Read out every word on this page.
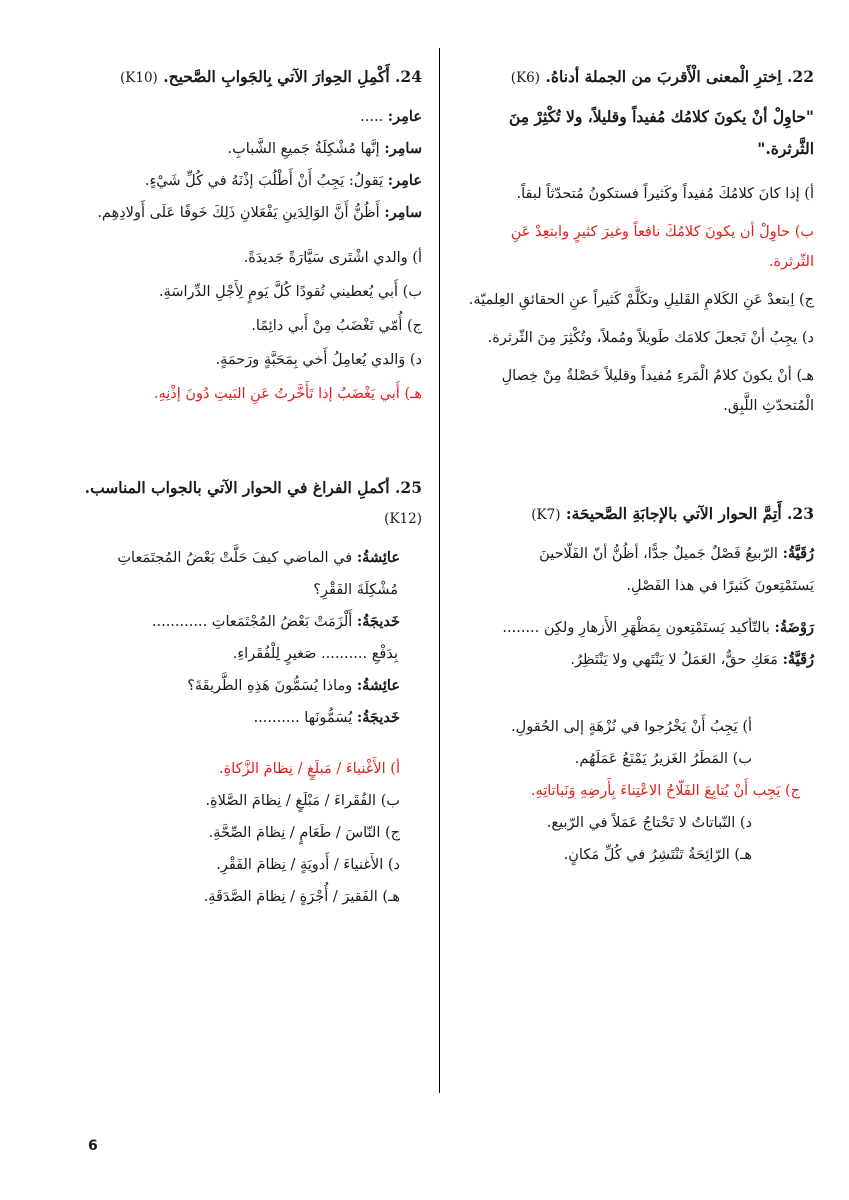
22. اِخترِ الْمعنى الْأَقربَ من الجملة أدناهُ. (K6)
"حاوِلْ أنْ يكونَ كلامُك مُفيداً وقليلاً، ولا تُكْثِرْ مِنَ الثَّرثرة."
أ) إذا كانَ كلامُكَ مُفيداً وكَثيراً فستكونُ مُتحدّثاً لبقاً.
ب) حاوِلْ أن يكونَ كلامُكَ نافعاً وغيرَ كثيرٍ وابتعِدْ عَنِ الثّرثرة.
ج) اِبتعدْ عَنِ الكَلامِ القَليلِ وتكَلَّمْ كَثيراً عنِ الحقائقِ العِلميّة.
د) يجِبُ أنْ تَجعلَ كلامَك طَويلاً ومُملاً، وتُكْثِرَ مِنَ الثّرثرة.
هـ) أنْ يكونَ كلامُ الْمَرءِ مُفيداً وقليلاً خَصْلةٌ مِنْ خِصالِ الْمُتحدّثِ اللَّبِق.
23. أَتِمَّ الحوار الآتي بالإجابَةِ الصَّحيحَة: (K7)
رُقَيَّةُ: الرّبيعُ فَصْلٌ جَميلٌ جدًّا، أظُنُّ أنّ الفَلّاحينَ
يَستَمْتِعونَ كَثيرًا في هذا الفَصْلِ.
رَوْضَةُ: بالتّأكيد يَستَمْتِعون بِمَظْهَرِ الأَزهارِ ولكِن ........
رُقَيَّةُ: مَعَكِ حقٌّ، العَمَلُ لا يَنْتَهي ولا يَنْتَظِرُ.
أ) يَجِبُ أَنْ يَخْرُجوا في نُزْهَةٍ إلى الحُقولِ.
ب) المَطَرُ الغَزيرُ يَمْنَعُ عَمَلَهُم.
ج) يَجِب أَنْ يُتابِعَ الفَلّاحُ الاعْتِناءَ بِأَرضِهِ وَنَباتاتِهِ.
د) النّباتاتُ لا تَحْتاجُ عَمَلاً في الرّبيع.
هـ) الرّائِحَةُ تَنْتَشِرُ في كُلِّ مَكانٍ.
24. أَكْمِلِ الحِوارَ الآتي بِالجَوابِ الصَّحيح. (K10)
عامِر: .....
سامِر: إنَّها مُشْكِلَةُ جَميعِ الشَّبابِ.
عامِر: يَقولُ: يَجِبُ أَنْ أَطْلُبَ إذْنَهُ في كُلِّ شَيْءٍ.
سامِر: أَظُنُّ أَنَّ الوَالِدَينِ يَفْعَلانِ ذَلِكَ خَوفًا عَلَى أَولادِهِم.
أ) والدي اشْتَرى سَيَّارَةً جَديدَةً.
ب) أَبي يُعطيني نُقودًا كُلَّ يَومٍ لِأَجْلِ الدِّراسَةِ.
ج) أُمّي تَغْضَبُ مِنْ أَبي دائِمًا.
د) وَالدي يُعامِلُ أَخي بِمَحَبَّةٍ ورَحمَةٍ.
هـ) أَبي يَغْضَبُ إذا تَأَخَّرتُ عَنِ البَيتِ دُونَ إذْنِهِ.
25. أكملِ الفراغ في الحوار الآتي بالجواب المناسب. (K12)
عائِشةُ: في الماضي كيفَ حَلَّتْ بَعْضُ المُجتَمَعاتِ
مُشْكِلَةَ الفَقْرِ؟
خَديجَةُ: أَلْزَمَتْ بَعْضُ المُجْتَمَعاتِ ............
بِدَفْعِ .......... صَغيرٍ لِلْفُقَراءِ.
عائِشةُ: وماذا يُسَمُّونَ هَذِهِ الطَّريقَةَ؟
خَديجَةُ: يُسَمُّونَها ..........
أ) الأَغْنياءَ / مَبلَغٍ / نِظامَ الزَّكاةِ.
ب) الفُقَراءَ / مَبْلَغٍ / نِظامَ الصَّلاةِ.
ج) النّاسَ / طَعَامٍ / نِظامَ الصِّحَّةِ.
د) الأَغنياءَ / أَدويَةٍ / نِظامَ الفَقْرِ.
هـ) الفَقيرَ / أُجْرَةٍ / نِظامَ الصَّدَقَةِ.
6
